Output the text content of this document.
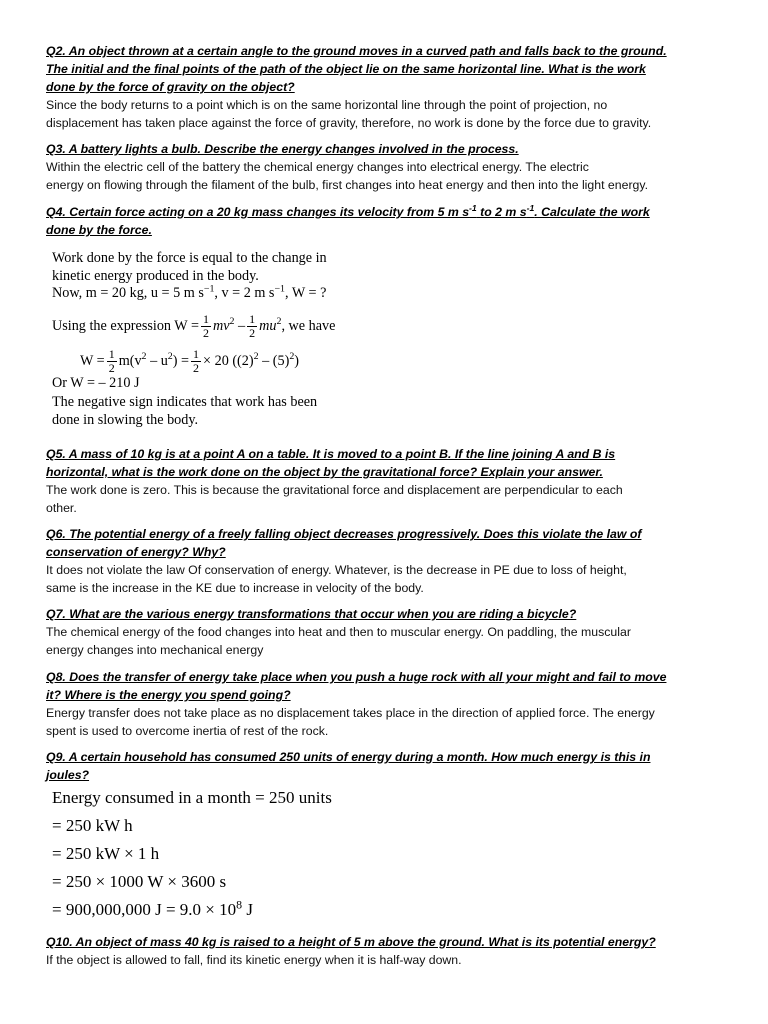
Q2. An object thrown at a certain angle to the ground moves in a curved path and falls back to the ground.
The initial and the final points of the path of the object lie on the same horizontal line. What is the work
done by the force of gravity on the object?
Since the body returns to a point which is on the same horizontal line through the point of projection, no
displacement has taken place against the force of gravity, therefore, no work is done by the force due to gravity.
Q3. A battery lights a bulb. Describe the energy changes involved in the process.
Within the electric cell of the battery the chemical energy changes into electrical energy. The electric
energy on flowing through the filament of the bulb, first changes into heat energy and then into the light energy.
Q4. Certain force acting on a 20 kg mass changes its velocity from 5 m $s^{-1}$ to 2 m $s^{-1}$. Calculate the work
done by the force.
Work done by the force is equal to the change in
kinetic energy produced in the body.
Now, m = 20 kg, u = 5 m $s^{-1}$, v = 2 m $s^{-1}$, W = ?
Using the expression $W = \frac{1}{2} mv^2 - \frac{1}{2} mu^2$, we have
$W = \frac{1}{2} m(v^2 - u^2) = \frac{1}{2} \times 20$ $((2)^2 - (5)^2)$
Or W = – 210 J
The negative sign indicates that work has been
done in slowing the body.
Q5. A mass of 10 kg is at a point A on a table. It is moved to a point B. If the line joining A and B is
horizontal, what is the work done on the object by the gravitational force? Explain your answer.
The work done is zero. This is because the gravitational force and displacement are perpendicular to each
other.
Q6. The potential energy of a freely falling object decreases progressively. Does this violate the law of
conservation of energy? Why?
It does not violate the law Of conservation of energy. Whatever, is the decrease in PE due to loss of height,
same is the increase in the KE due to increase in velocity of the body.
Q7. What are the various energy transformations that occur when you are riding a bicycle?
The chemical energy of the food changes into heat and then to muscular energy. On paddling, the muscular
energy changes into mechanical energy
Q8. Does the transfer of energy take place when you push a huge rock with all your might and fail to move
it? Where is the energy you spend going?
Energy transfer does not take place as no displacement takes place in the direction of applied force. The energy
spent is used to overcome inertia of rest of the rock.
Q9. A certain household has consumed 250 units of energy during a month. How much energy is this in
joules?
Energy consumed in a month = 250 units
= 250 kW h
= 250 kW × 1 h
= 250 × 1000 W × 3600 s
= 900,000,000 $J = 9.0 \times 10^8$ J
Q10. An object of mass 40 kg is raised to a height of 5 m above the ground. What is its potential energy?
If the object is allowed to fall, find its kinetic energy when it is half-way down.
